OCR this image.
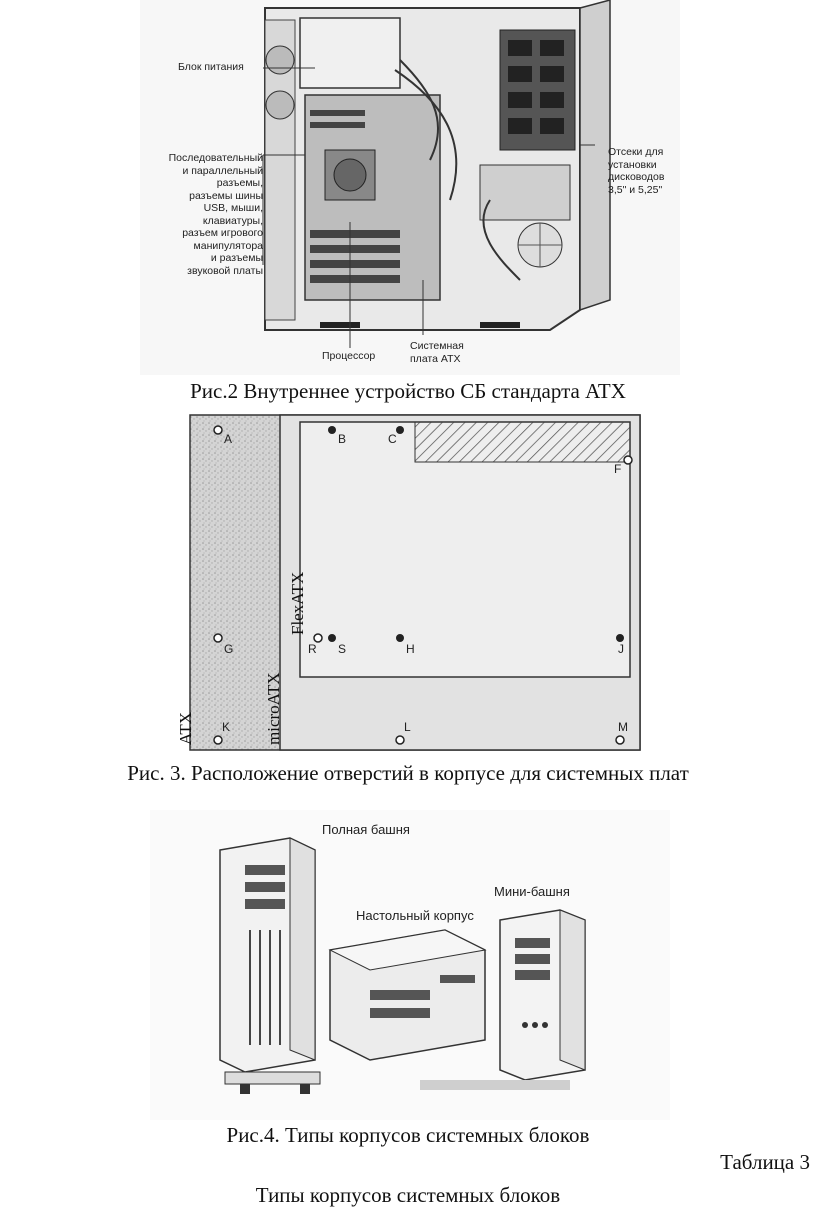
Блок питания
Последовательный
и параллельный
разъемы,
разъемы шины
USB, мыши,
клавиатуры,
разъем игрового
манипулятора
и разъемы
звуковой платы
Отсеки для
установки
дисководов
3,5" и 5,25"
Процессор
Системная
плата ATX
Рис.2 Внутреннее устройство СБ стандарта ATX
A	B	C
F
G	R S	H	J
K	L	M
ATX	microATX
FlexATX
Рис. 3. Расположение отверстий в корпусе для системных плат
Полная башня
Настольный корпус
Мини-башня
Рис.4. Типы корпусов системных блоков
Таблица 3
Типы корпусов системных блоков
